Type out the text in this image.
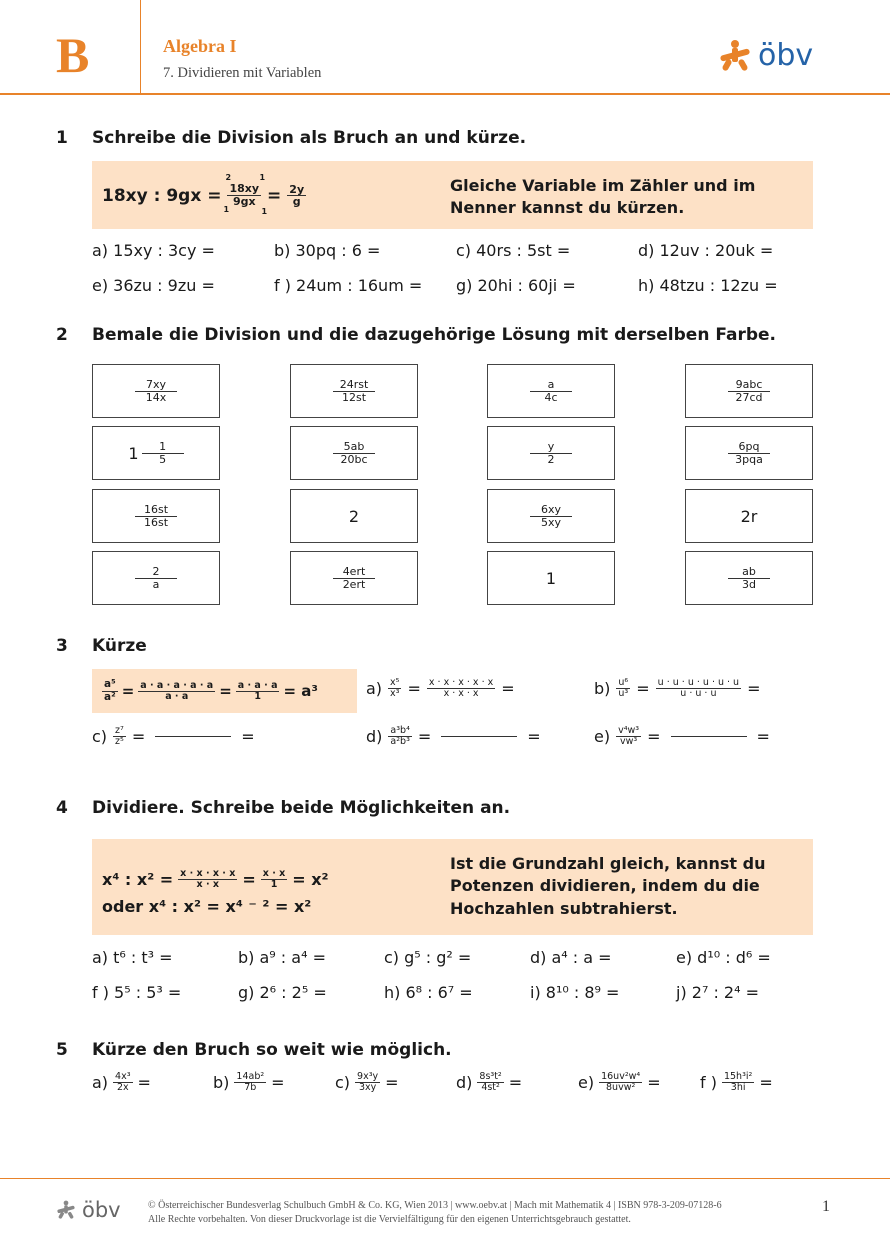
B	Algebra I
7. Dividieren mit Variablen	öbv
1 Schreibe die Division als Bruch an und kürze.
18xy : 9gx =
2	1
18xy
9gx
1	1
= $\frac{2y}{g}$	Gleiche Variable im Zähler und im Nenner kannst du kürzen.
a) 15xy : 3cy =	b) 30pq : 6 =	c) 40rs : 5st =	d) 12uv : 20uk =
e) 36zu : 9zu =	f ) 24um : 16um = g) 20hi : 60ji =	h) 48tzu : 12zu =
2 Bemale die Division und die dazugehörige Lösung mit derselben Farbe.
7xy
14x
24rst
12st
a
4c
9abc
27cd
1	1
5
5ab
20bc
y
2
6pq
3pqa
16st
16st	2	6xy
5xy	2r
2
a
4ert
2ert	1	ab
3d
3 Kürze
$\frac{\text{a⁵}}{\text{a²}} = \frac{a \cdot a \cdot a \cdot a \cdot a}{a \cdot a} = \frac{a \cdot a \cdot a}{1} = a^3$	$a) \frac{\text{x⁵}}{\text{x³}} = \frac{x \cdot x \cdot x \cdot x \cdot x}{x \cdot x \cdot x}$ =	$b) \frac{\text{u⁶}}{\text{u³}} = \frac{u \cdot u \cdot u \cdot u \cdot u \cdot u}{u \cdot u \cdot u}$ =
$c) \frac{\text{z⁷}}{\text{z⁵}}$ =	=	$d) \frac{\text{a³b⁴}}{\text{a²b³}}$ =	=	$e) \frac{\text{v⁴w³}}{\text{vw³}}$ =	=
4 Dividiere. Schreibe beide Möglichkeiten an.
x⁴ : $x^2 = \frac{x \cdot x \cdot x \cdot x}{x \cdot x} = \frac{x \cdot x}{1} = x^2$
oder x⁴ : x² = x⁴ ⁻ ² = x²
Ist die Grundzahl gleich, kannst du Potenzen dividieren, indem du die Hochzahlen subtrahierst.
a) t⁶ : t³ =	b) a⁹ : a⁴ =	c) g⁵ : g² =	d) a⁴ : a =	e) d¹⁰ : d⁶ =
f ) 5⁵ : 5³ =	g) 2⁶ : 2⁵ =	h) 6⁸ : 6⁷ =	i) 8¹⁰ : 8⁹ =	j) 2⁷ : 2⁴ =
5 Kürze den Bruch so weit wie möglich.
$a) \frac{\text{4x³}}{2x}$ =	$b) \frac{\text{14ab²}}{7b}$ =	$c) \frac{\text{9x³y}}{3xy}$ =	$d) \frac{\text{8s³t²}}{\text{4st²}}$ =	e) 16uv²w⁴
8uvw² = f ) $\frac{\text{15h³i²}}{3hi}$ =
öbv	© Österreichischer Bundesverlag Schulbuch GmbH & Co. KG, Wien 2013 | www.oebv.at | Mach mit Mathematik 4 | ISBN 978-3-209-07128-6
Alle Rechte vorbehalten. Von dieser Druckvorlage ist die Vervielfältigung für den eigenen Unterrichtsgebrauch gestattet.
1
